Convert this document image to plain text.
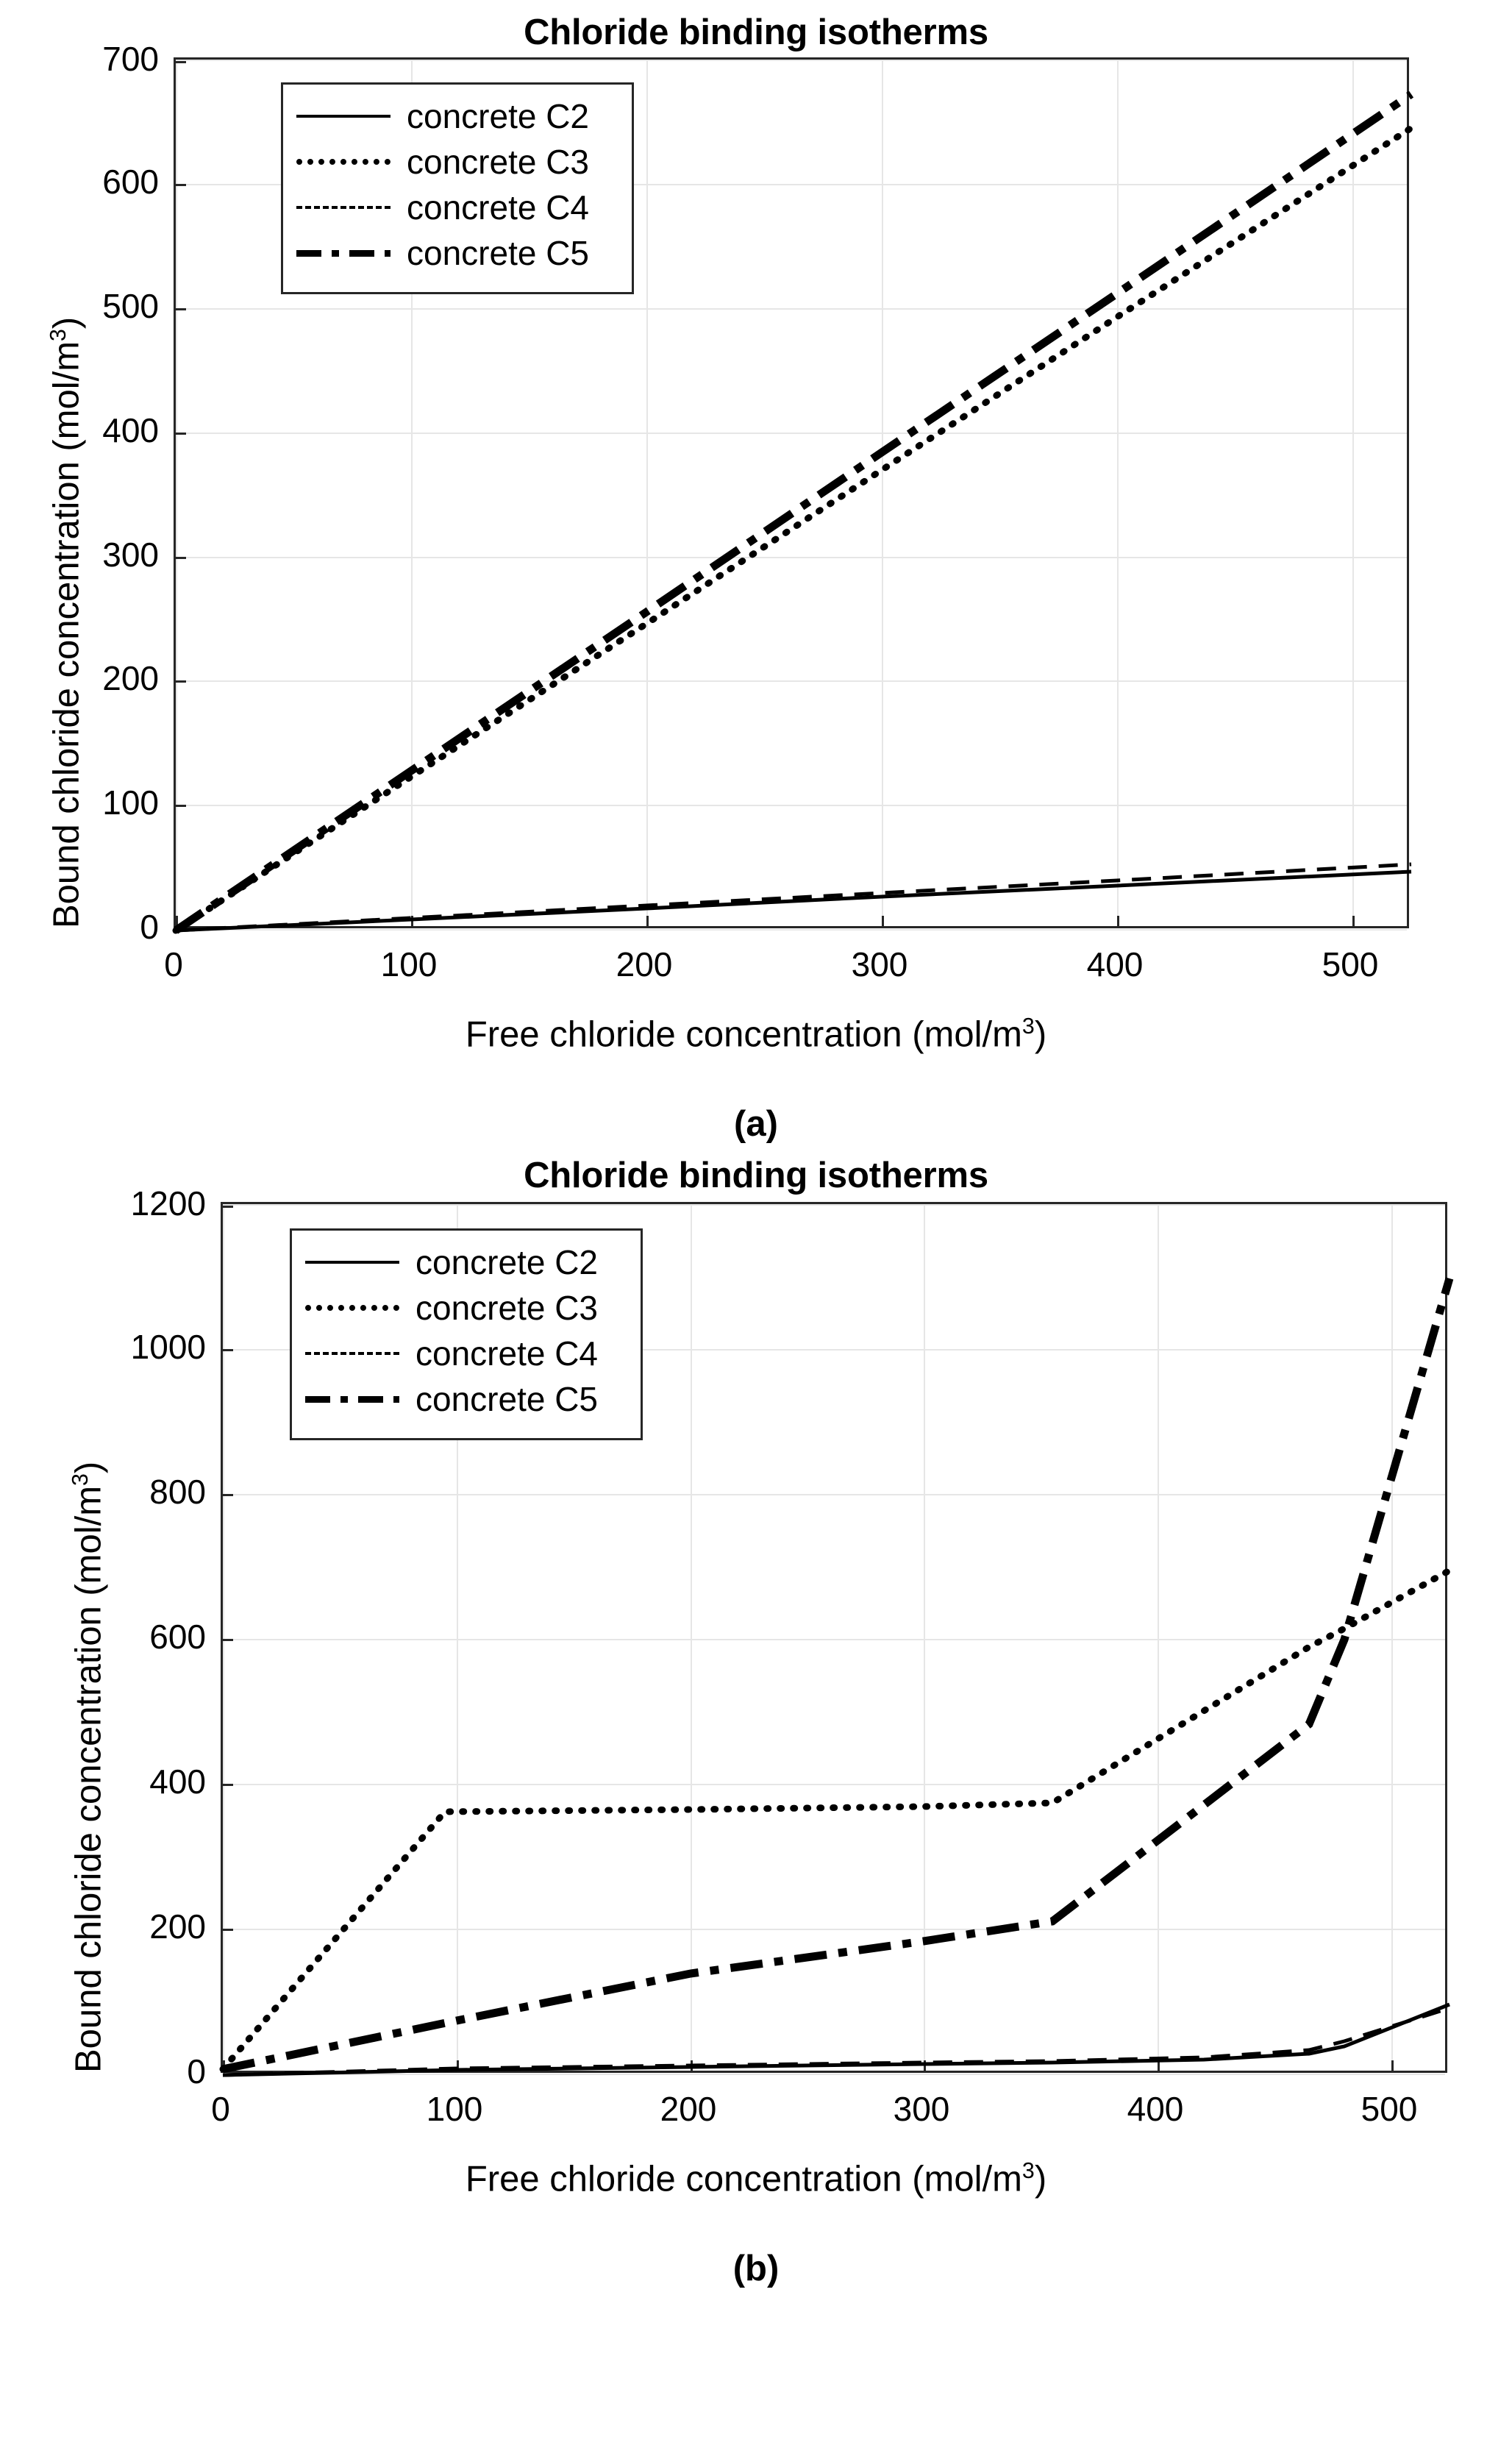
Chloride binding isotherms
0
100
200
300
400
500
600
700
0	100	200	300	400	500
Free chloride concentration $(mol/m^3)$
Bound chloride concentration $(mol/m^3)$
concrete C2
concrete C3
concrete C4
concrete C5
(a)
Chloride binding isotherms
0
200
400
600
800
1000
1200
0	100	200	300	400	500
Free chloride concentration $(mol/m^3)$
Bound chloride concentration $(mol/m^3)$
concrete C2
concrete C3
concrete C4
concrete C5
(b)
